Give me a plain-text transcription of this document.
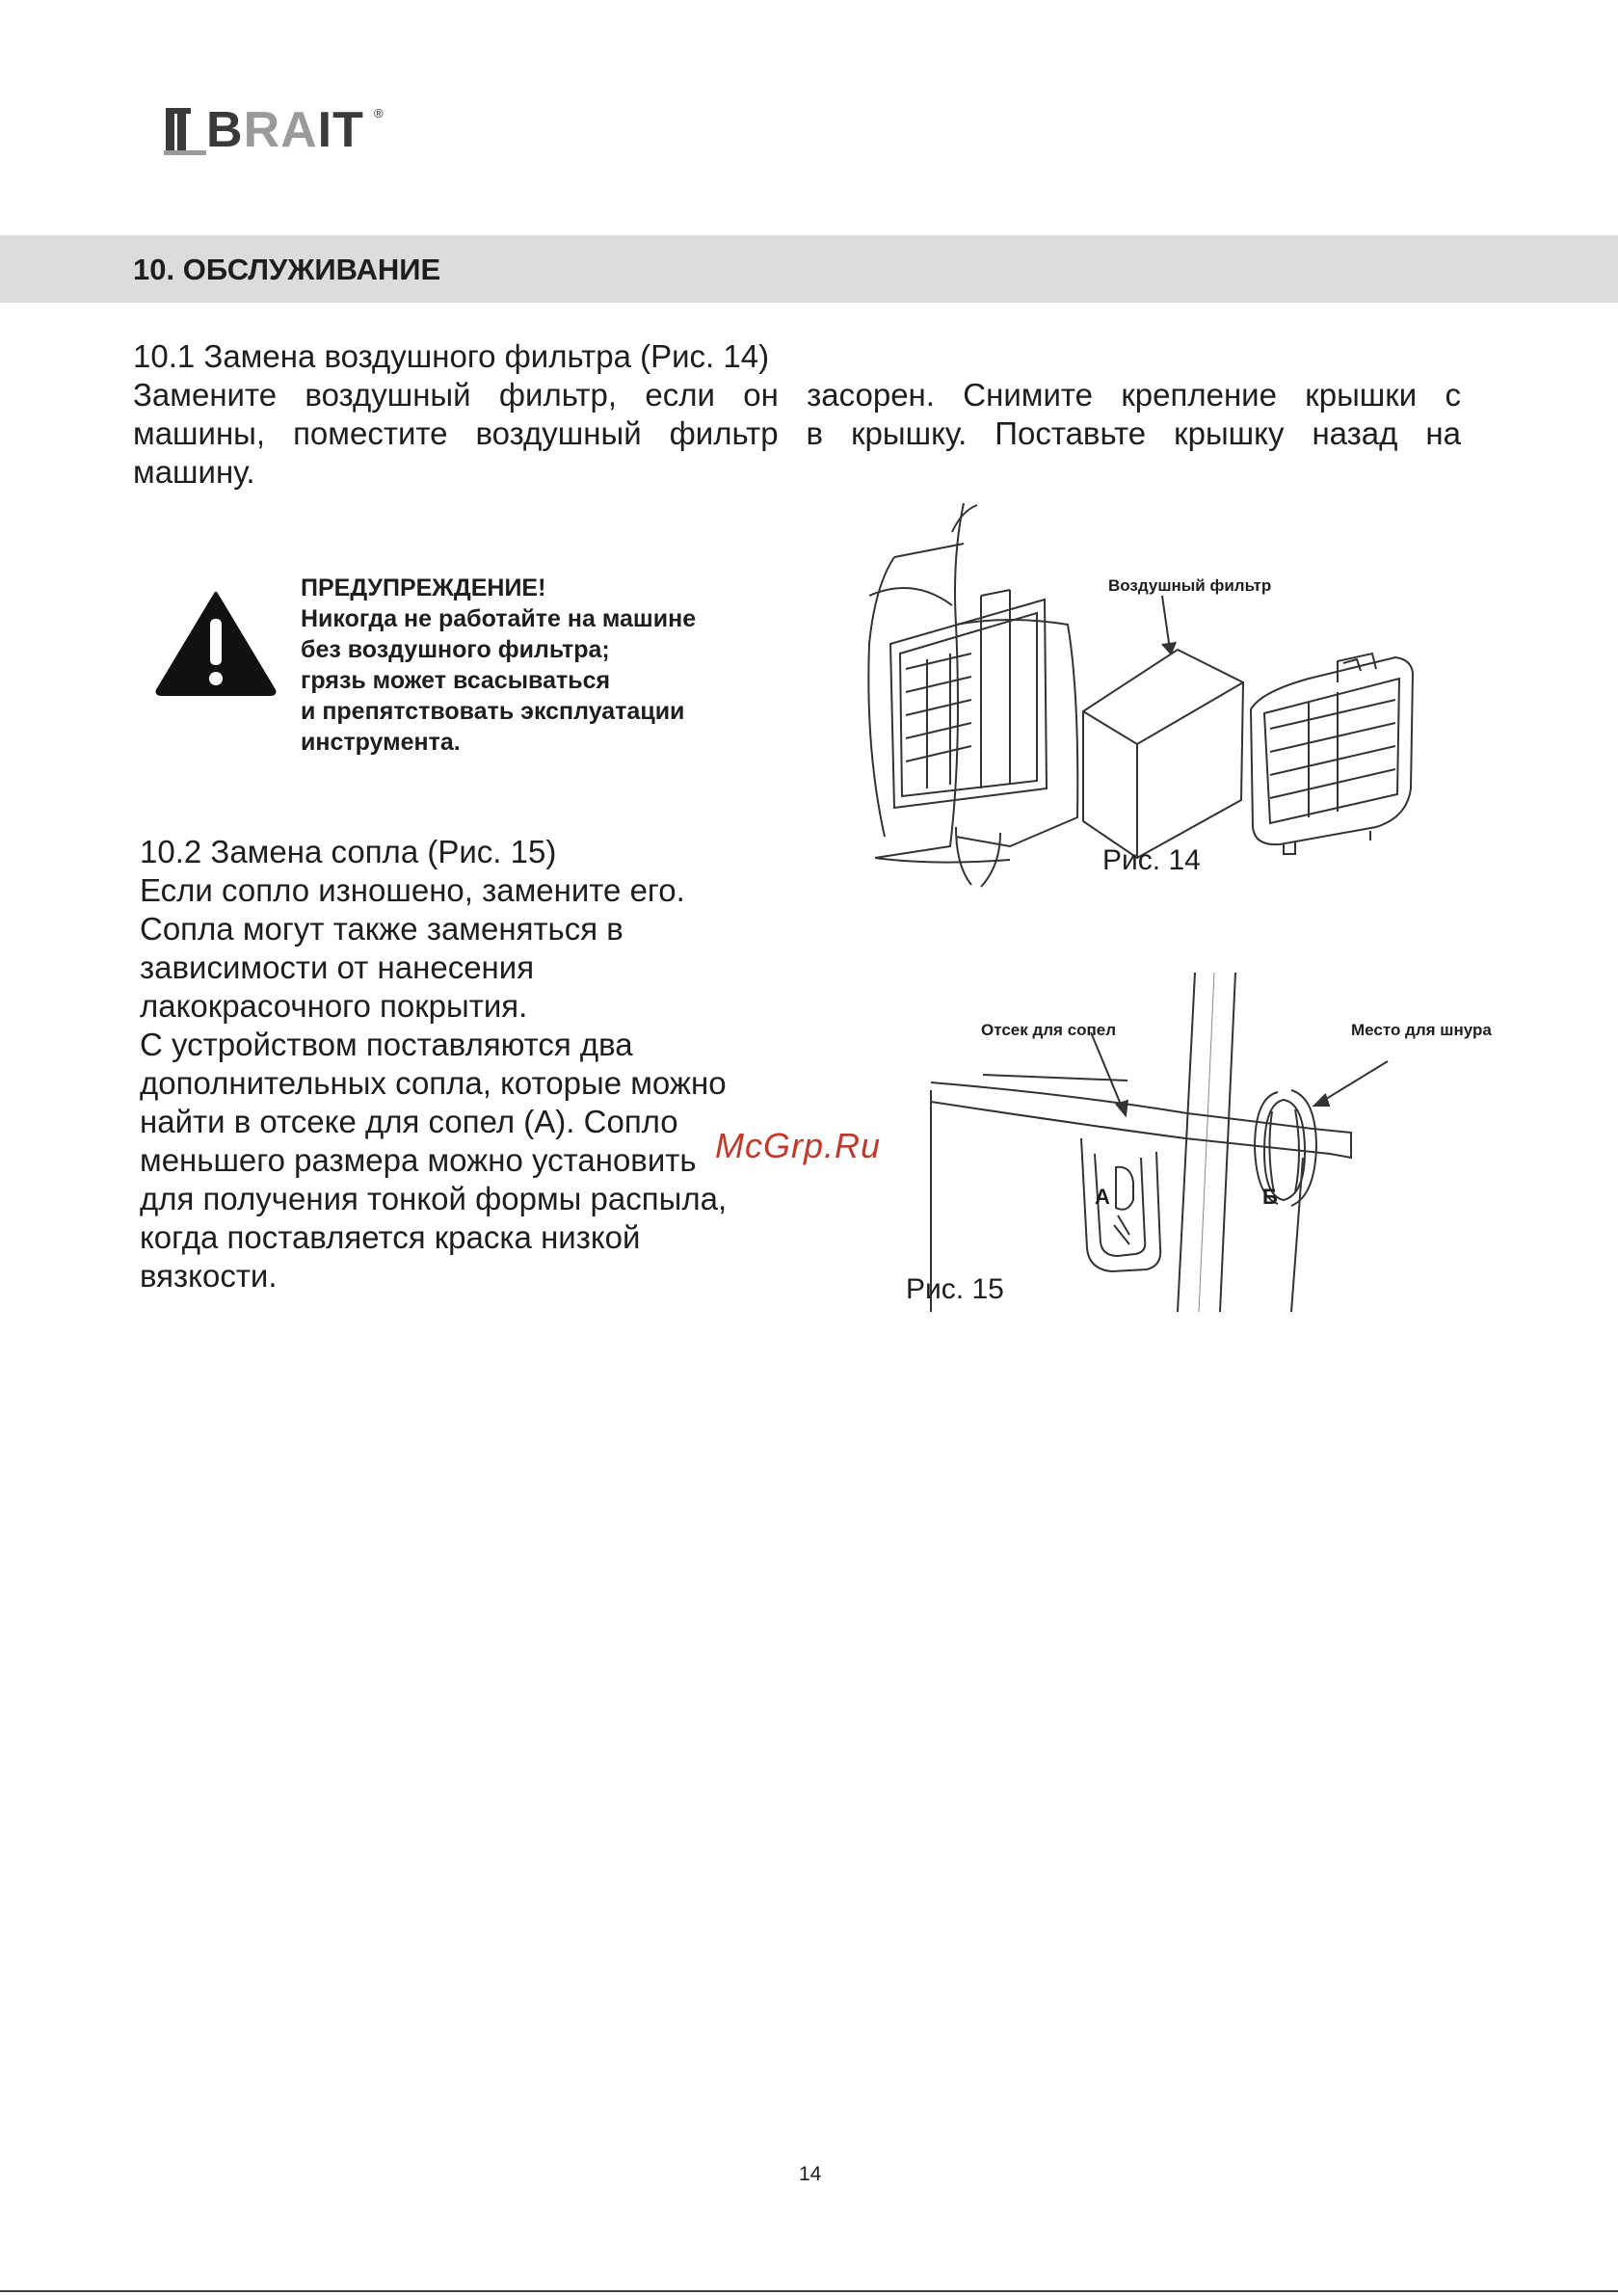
BRAIT ®
10. ОБСЛУЖИВАНИЕ
10.1 Замена воздушного фильтра (Рис. 14)
Замените воздушный фильтр, если он засорен. Снимите крепление крышки с
машины, поместите воздушный фильтр в крышку. Поставьте крышку назад на
машину.
ПРЕДУПРЕЖДЕНИЕ!
Никогда не работайте на машине
без воздушного фильтра;
грязь может всасываться
и препятствовать эксплуатации
инструмента.
10.2 Замена сопла (Рис. 15)
Если сопло изношено, замените его.
Сопла могут также заменяться в
зависимости от нанесения
лакокрасочного покрытия.
С устройством поставляются два
дополнительных сопла, которые можно
найти в отсеке для сопел (А). Сопло
меньшего размера можно установить
для получения тонкой формы распыла,
когда поставляется краска низкой
вязкости.
Воздушный фильтр
Рис. 14
Отсек для сопел	Место для шнура
А	Б
Рис. 15
McGrp.Ru
14
